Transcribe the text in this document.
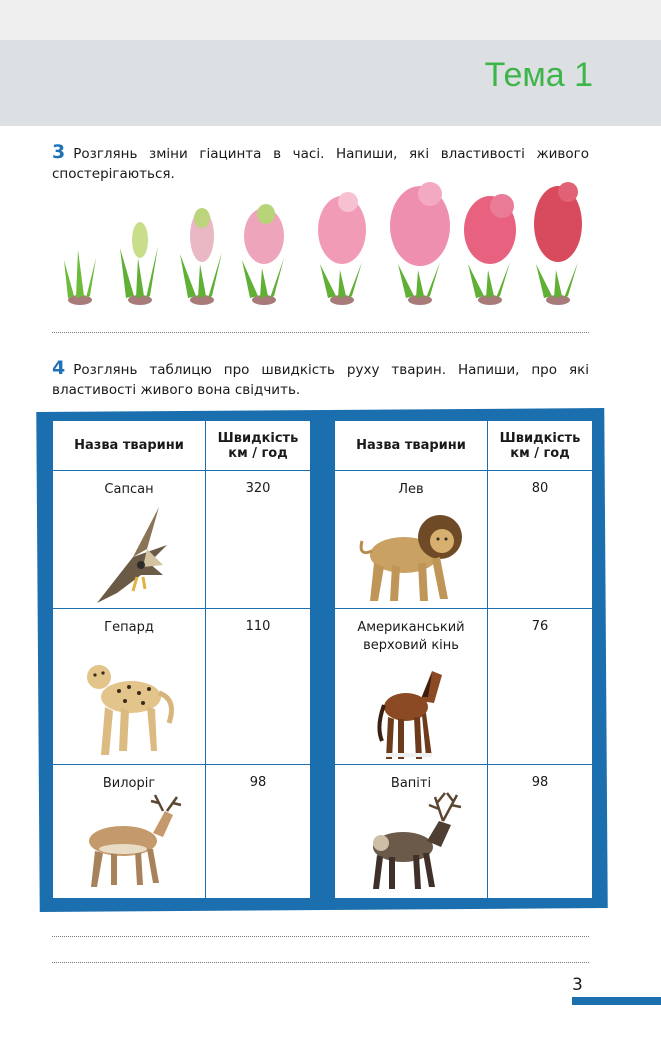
Тема 1
3 Розглянь зміни гіацинта в часі. Напиши, які властивості живого спостерігаються.
4 Розглянь таблицю про швидкість руху тварин. Напиши, про які властивості живого вона свідчить.
Назва тварини	Швидкість
км / год

Сапсан	320

Гепард	110

Вилоріг	98
Назва тварини	Швидкість
км / год

Лев	80

Американський
верховий кінь	76

Вапіті	98
3
